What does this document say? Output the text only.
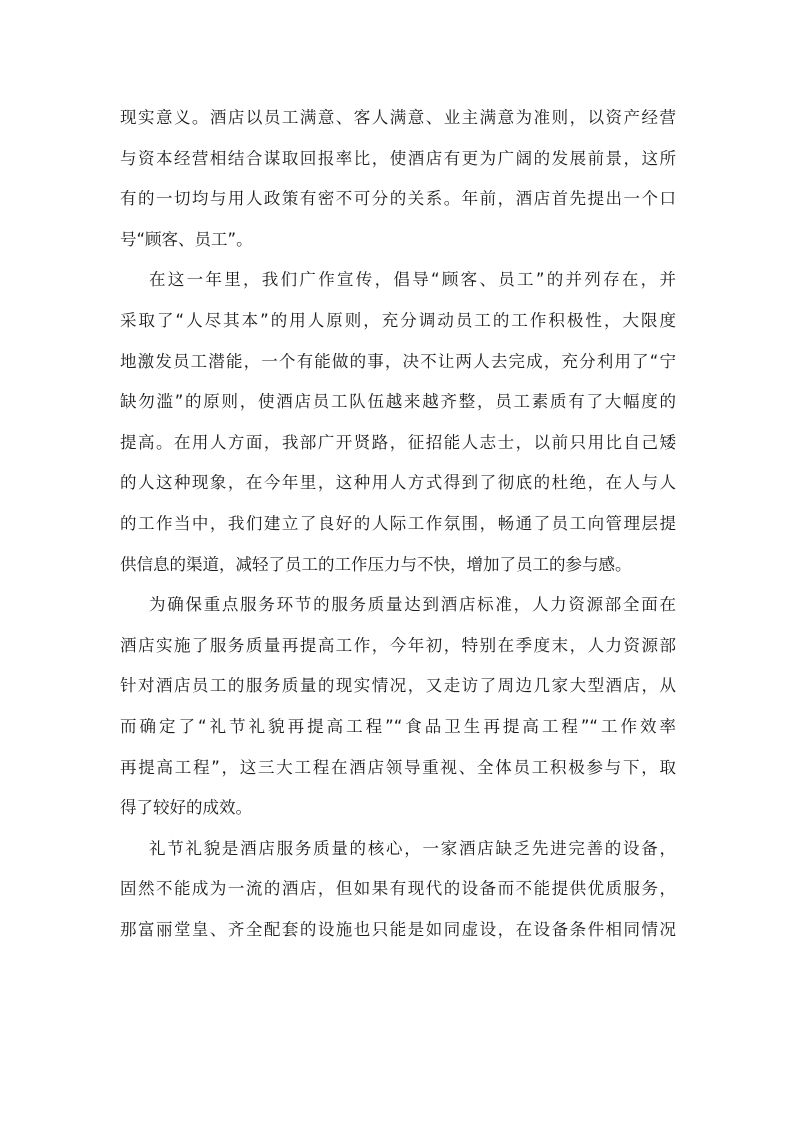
现实意义。酒店以员工满意、客人满意、业主满意为准则，以资产经营
与资本经营相结合谋取回报率比，使酒店有更为广阔的发展前景，这所
有的一切均与用人政策有密不可分的关系。年前，酒店首先提出一个口
号“顾客、员工”。
在这一年里，我们广作宣传，倡导“顾客、员工”的并列存在，并
采取了“人尽其本”的用人原则，充分调动员工的工作积极性，大限度
地激发员工潜能，一个有能做的事，决不让两人去完成，充分利用了“宁
缺勿滥”的原则，使酒店员工队伍越来越齐整，员工素质有了大幅度的
提高。在用人方面，我部广开贤路，征招能人志士，以前只用比自己矮
的人这种现象，在今年里，这种用人方式得到了彻底的杜绝，在人与人
的工作当中，我们建立了良好的人际工作氛围，畅通了员工向管理层提
供信息的渠道，减轻了员工的工作压力与不快，增加了员工的参与感。
为确保重点服务环节的服务质量达到酒店标准，人力资源部全面在
酒店实施了服务质量再提高工作，今年初，特别在季度末，人力资源部
针对酒店员工的服务质量的现实情况，又走访了周边几家大型酒店，从
而确定了“礼节礼貌再提高工程”“食品卫生再提高工程”“工作效率
再提高工程”，这三大工程在酒店领导重视、全体员工积极参与下，取
得了较好的成效。
礼节礼貌是酒店服务质量的核心，一家酒店缺乏先进完善的设备，
固然不能成为一流的酒店，但如果有现代的设备而不能提供优质服务，
那富丽堂皇、齐全配套的设施也只能是如同虚设，在设备条件相同情况
